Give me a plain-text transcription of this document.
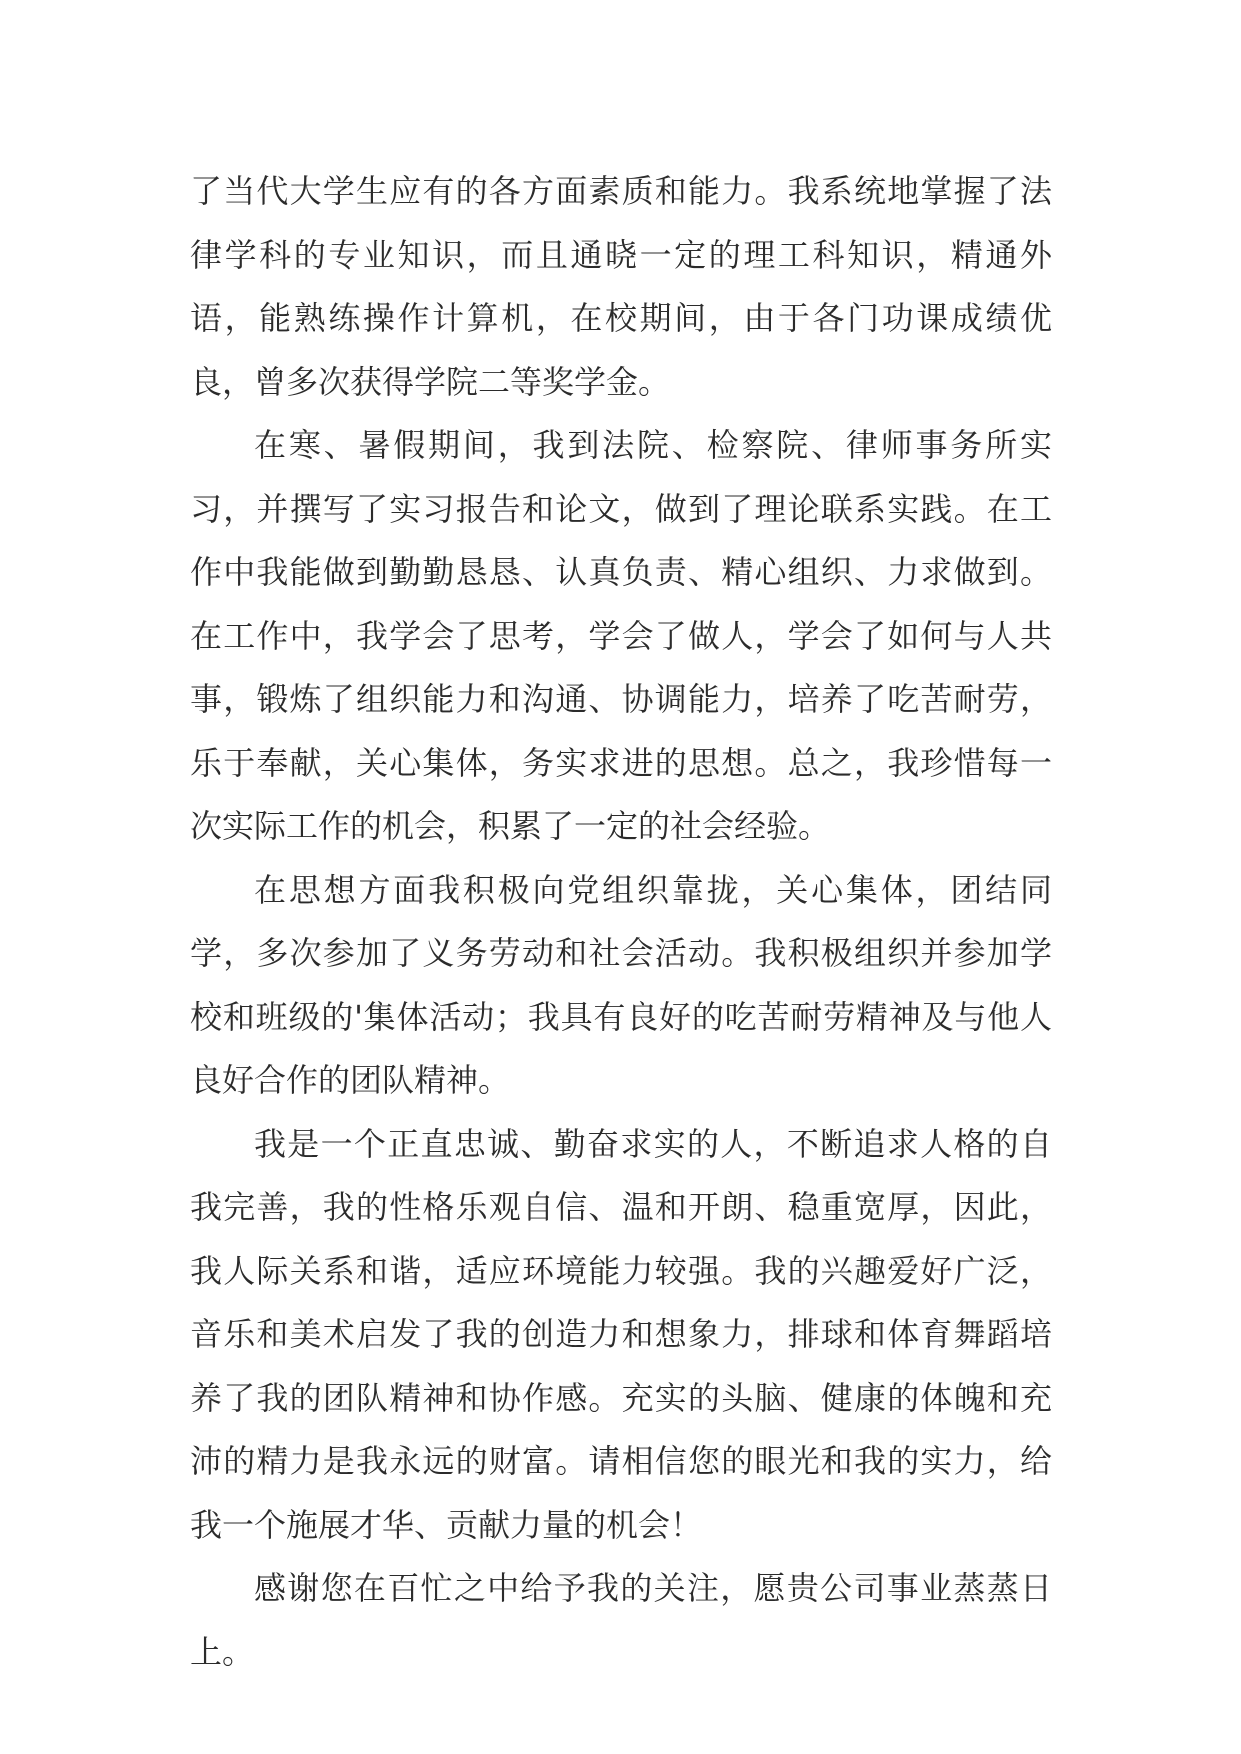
了当代大学生应有的各方面素质和能力。我系统地掌握了法律学科的专业知识，而且通晓一定的理工科知识，精通外语，能熟练操作计算机，在校期间，由于各门功课成绩优良，曾多次获得学院二等奖学金。

在寒、暑假期间，我到法院、检察院、律师事务所实习，并撰写了实习报告和论文，做到了理论联系实践。在工作中我能做到勤勤恳恳、认真负责、精心组织、力求做到。在工作中，我学会了思考，学会了做人，学会了如何与人共事，锻炼了组织能力和沟通、协调能力，培养了吃苦耐劳，乐于奉献，关心集体，务实求进的思想。总之，我珍惜每一次实际工作的机会，积累了一定的社会经验。

在思想方面我积极向党组织靠拢，关心集体，团结同学，多次参加了义务劳动和社会活动。我积极组织并参加学校和班级的'集体活动；我具有良好的吃苦耐劳精神及与他人良好合作的团队精神。

我是一个正直忠诚、勤奋求实的人，不断追求人格的自我完善，我的性格乐观自信、温和开朗、稳重宽厚，因此，我人际关系和谐，适应环境能力较强。我的兴趣爱好广泛，音乐和美术启发了我的创造力和想象力，排球和体育舞蹈培养了我的团队精神和协作感。充实的头脑、健康的体魄和充沛的精力是我永远的财富。请相信您的眼光和我的实力，给我一个施展才华、贡献力量的机会！

感谢您在百忙之中给予我的关注，愿贵公司事业蒸蒸日上。
